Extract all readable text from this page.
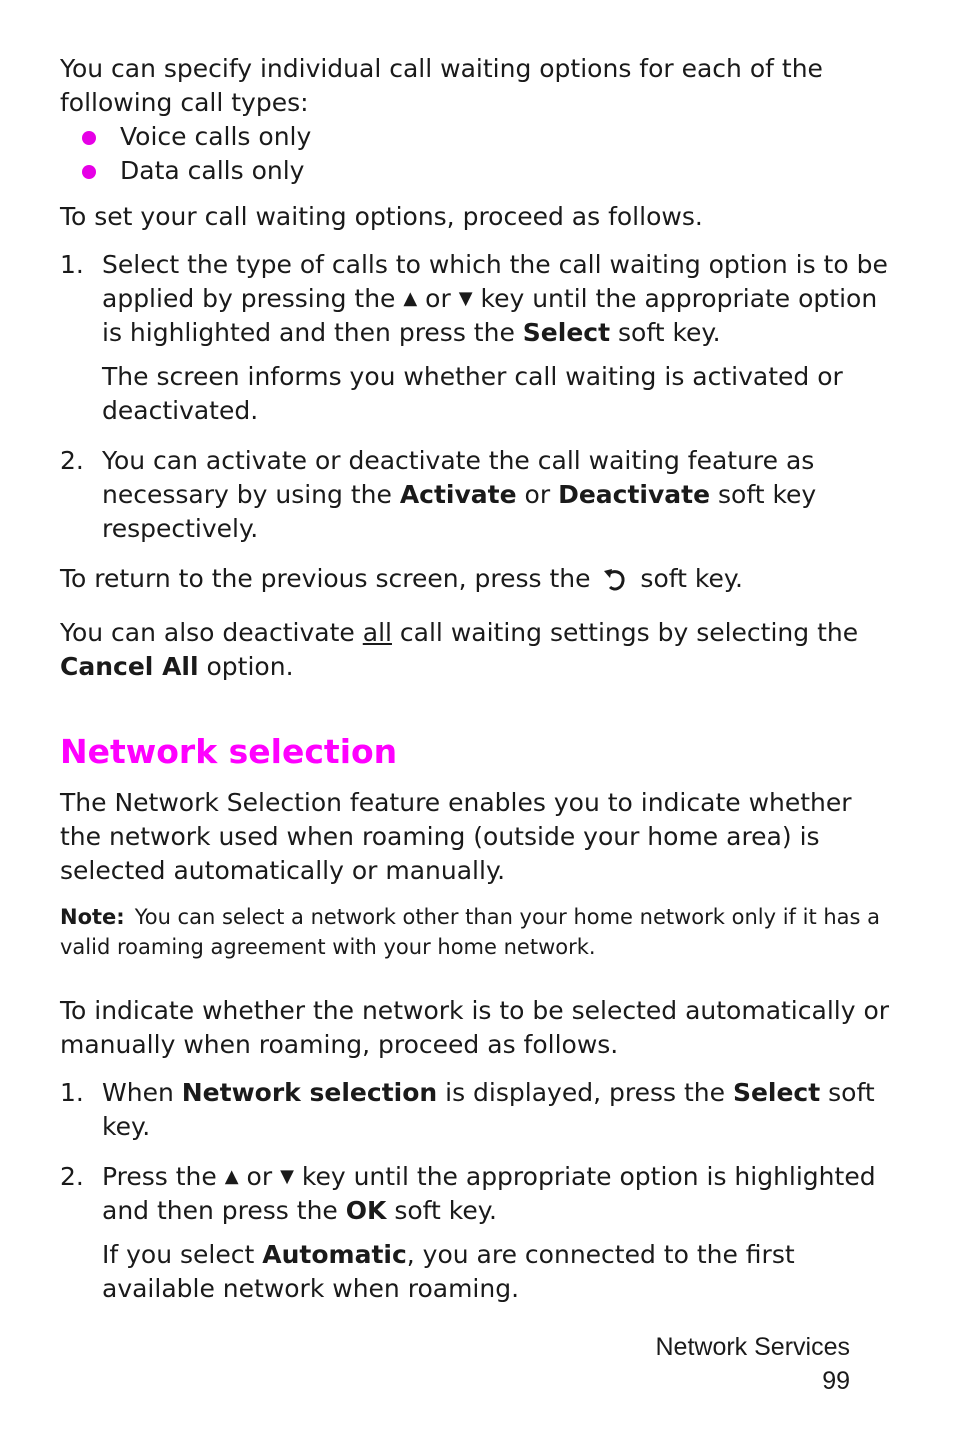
You can specify individual call waiting options for each of the following call types:

Voice calls only
Data calls only

To set your call waiting options, proceed as follows.

1. Select the type of calls to which the call waiting option is to be applied by pressing the ▲ or ▼ key until the appropriate option is highlighted and then press the Select soft key.

The screen informs you whether call waiting is activated or deactivated.

2. You can activate or deactivate the call waiting feature as necessary by using the Activate or Deactivate soft key respectively.

To return to the previous screen, press the soft key.

You can also deactivate all call waiting settings by selecting the Cancel All option.

Network selection

The Network Selection feature enables you to indicate whether the network used when roaming (outside your home area) is selected automatically or manually.

Note: You can select a network other than your home network only if it has a valid roaming agreement with your home network.

To indicate whether the network is to be selected automatically or manually when roaming, proceed as follows.

1. When Network selection is displayed, press the Select soft key.

2. Press the ▲ or ▼ key until the appropriate option is highlighted and then press the OK soft key.

If you select Automatic, you are connected to the first available network when roaming.

Network Services
99
